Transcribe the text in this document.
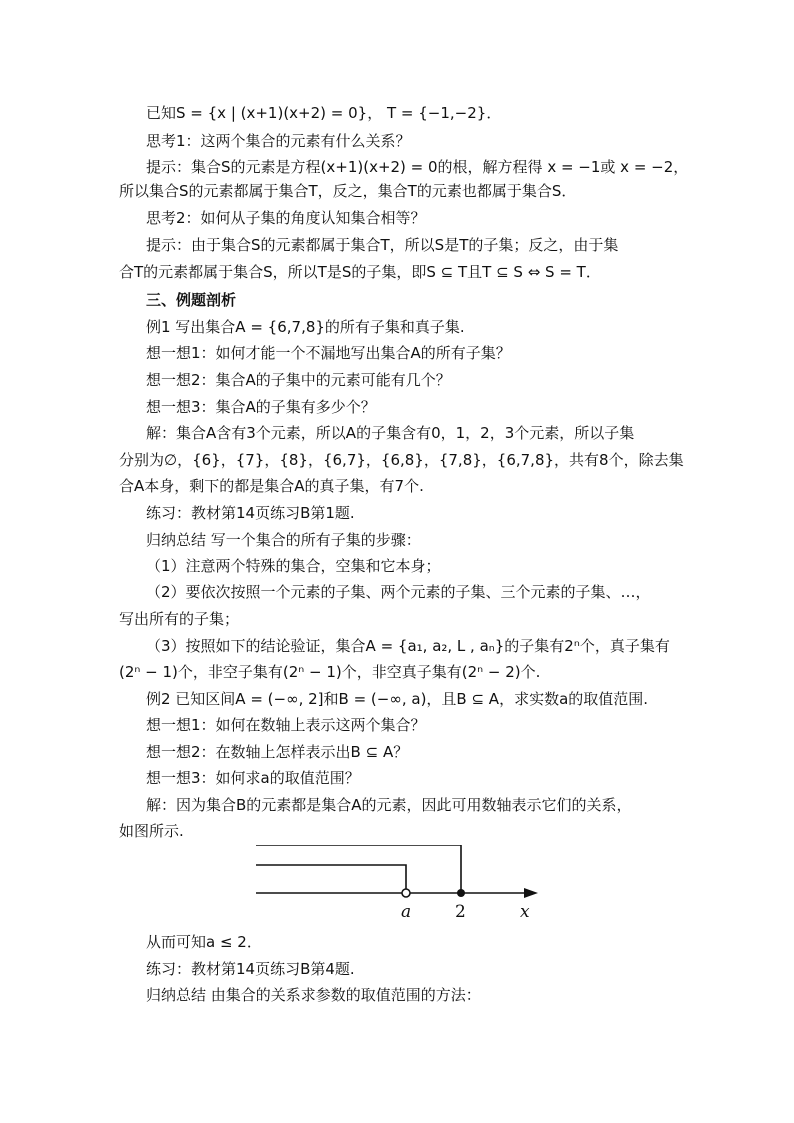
已知S = {x | (x+1)(x+2) = 0}， T = {−1,−2}．
思考1：这两个集合的元素有什么关系？
提示：集合S的元素是方程(x+1)(x+2) = 0的根，解方程得 x = −1或 x = −2，
所以集合S的元素都属于集合T，反之，集合T的元素也都属于集合S．
思考2：如何从子集的角度认知集合相等？
提示：由于集合S的元素都属于集合T，所以S是T的子集；反之，由于集
合T的元素都属于集合S，所以T是S的子集，即S ⊆ T且T ⊆ S ⇔ S = T．
三、例题剖析
例1 写出集合A = {6,7,8}的所有子集和真子集.
想一想1：如何才能一个不漏地写出集合A的所有子集？
想一想2：集合A的子集中的元素可能有几个？
想一想3：集合A的子集有多少个？
解：集合A含有3个元素，所以A的子集含有0，1，2，3个元素，所以子集
分别为∅，{6}，{7}，{8}，{6,7}，{6,8}，{7,8}，{6,7,8}，共有8个，除去集
合A本身，剩下的都是集合A的真子集，有7个.
练习：教材第14页练习B第1题.
归纳总结 写一个集合的所有子集的步骤：
（1）注意两个特殊的集合，空集和它本身；
（2）要依次按照一个元素的子集、两个元素的子集、三个元素的子集、…，
写出所有的子集；
（3）按照如下的结论验证，集合A = {a₁, a₂, L , aₙ}的子集有2ⁿ个，真子集有
(2ⁿ − 1)个，非空子集有(2ⁿ − 1)个，非空真子集有(2ⁿ − 2)个.
例2 已知区间A = (−∞, 2]和B = (−∞, a)，且B ⊆ A，求实数a的取值范围.
想一想1：如何在数轴上表示这两个集合？
想一想2：在数轴上怎样表示出B ⊆ A？
想一想3：如何求a的取值范围？
解：因为集合B的元素都是集合A的元素，因此可用数轴表示它们的关系，
如图所示.
a	2	x
从而可知a ≤ 2．
练习：教材第14页练习B第4题.
归纳总结 由集合的关系求参数的取值范围的方法：
